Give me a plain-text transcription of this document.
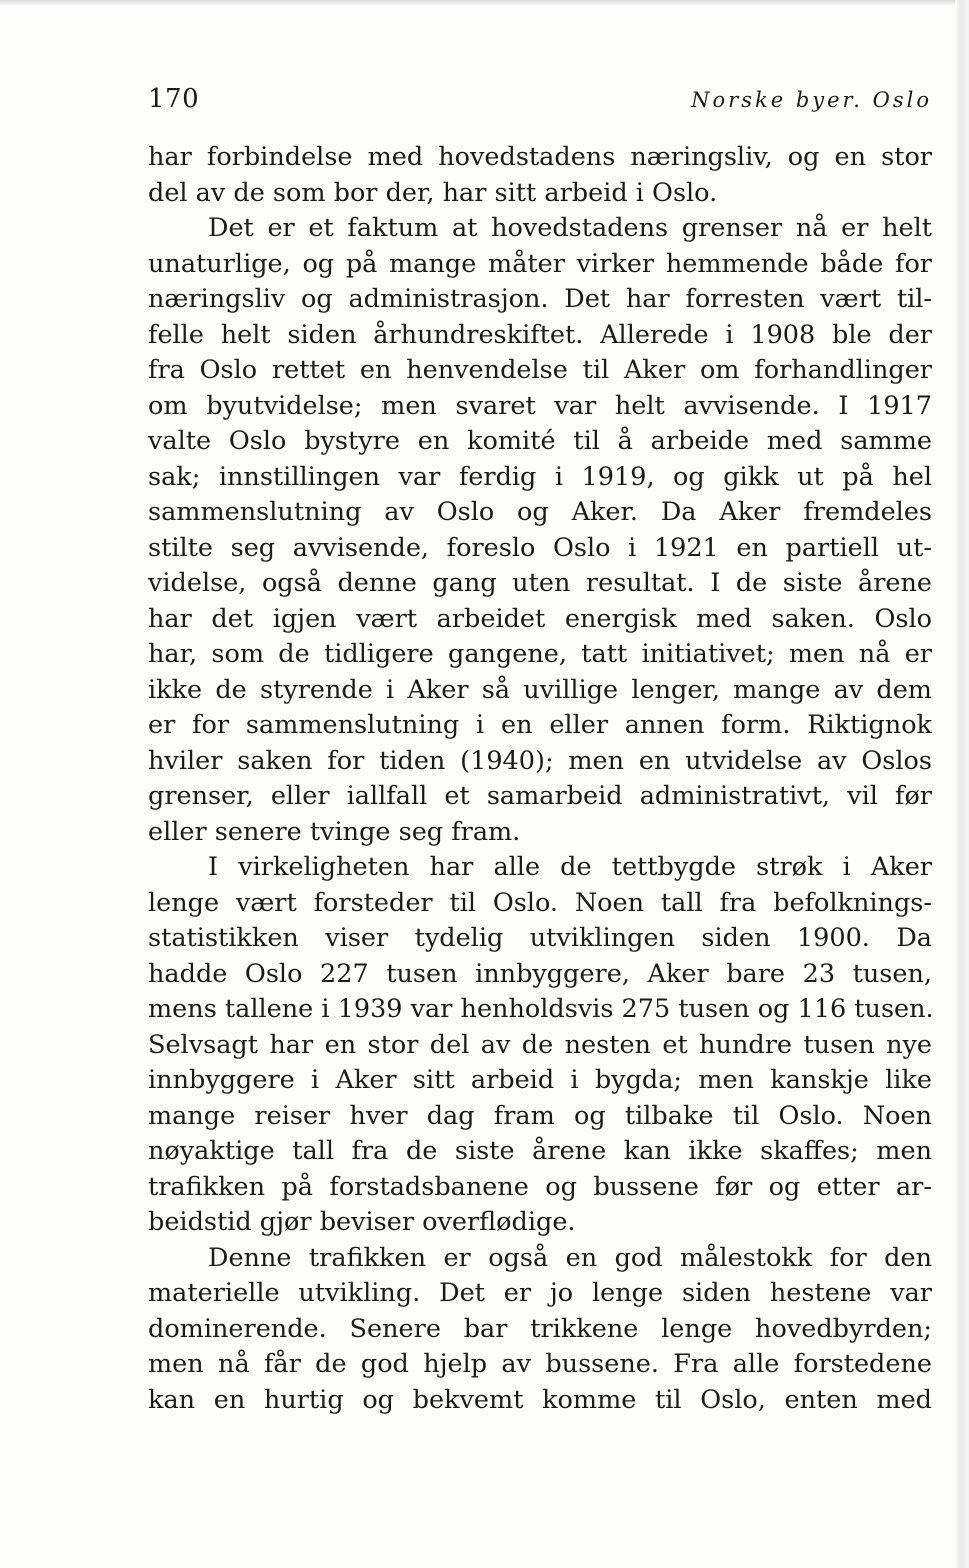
170	Norske byer. Oslo
har forbindelse med hovedstadens næringsliv, og en stor
del av de som bor der, har sitt arbeid i Oslo.
Det er et faktum at hovedstadens grenser nå er helt
unaturlige, og på mange måter virker hemmende både for
næringsliv og administrasjon. Det har forresten vært til-
felle helt siden århundreskiftet. Allerede i 1908 ble der
fra Oslo rettet en henvendelse til Aker om forhandlinger
om byutvidelse; men svaret var helt avvisende. I 1917
valte Oslo bystyre en komité til å arbeide med samme
sak; innstillingen var ferdig i 1919, og gikk ut på hel
sammenslutning av Oslo og Aker. Da Aker fremdeles
stilte seg avvisende, foreslo Oslo i 1921 en partiell ut-
videlse, også denne gang uten resultat. I de siste årene
har det igjen vært arbeidet energisk med saken. Oslo
har, som de tidligere gangene, tatt initiativet; men nå er
ikke de styrende i Aker så uvillige lenger, mange av dem
er for sammenslutning i en eller annen form. Riktignok
hviler saken for tiden (1940); men en utvidelse av Oslos
grenser, eller iallfall et samarbeid administrativt, vil før
eller senere tvinge seg fram.
I virkeligheten har alle de tettbygde strøk i Aker
lenge vært forsteder til Oslo. Noen tall fra befolknings-
statistikken viser tydelig utviklingen siden 1900. Da
hadde Oslo 227 tusen innbyggere, Aker bare 23 tusen,
mens tallene i 1939 var henholdsvis 275 tusen og 116 tusen.
Selvsagt har en stor del av de nesten et hundre tusen nye
innbyggere i Aker sitt arbeid i bygda; men kanskje like
mange reiser hver dag fram og tilbake til Oslo. Noen
nøyaktige tall fra de siste årene kan ikke skaffes; men
trafikken på forstadsbanene og bussene før og etter ar-
beidstid gjør beviser overflødige.
Denne trafikken er også en god målestokk for den
materielle utvikling. Det er jo lenge siden hestene var
dominerende. Senere bar trikkene lenge hovedbyrden;
men nå får de god hjelp av bussene. Fra alle forstedene
kan en hurtig og bekvemt komme til Oslo, enten med
